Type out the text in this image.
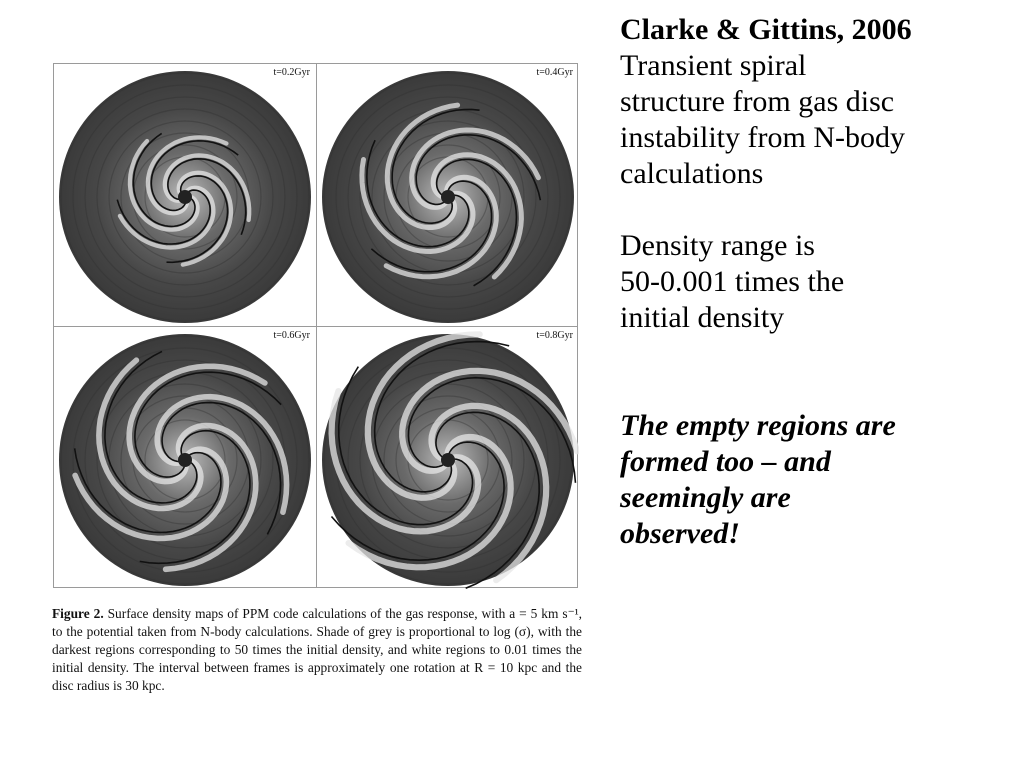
t=0.2Gyr	t=0.4Gyr
t=0.6Gyr	t=0.8Gyr
Figure 2. Surface density maps of PPM code calculations of the gas response, with a = 5 km s⁻¹, to the potential taken from N-body calculations. Shade of grey is proportional to log (σ), with the darkest regions corresponding to 50 times the initial density, and white regions to 0.01 times the initial density. The interval between frames is approximately one rotation at R = 10 kpc and the disc radius is 30 kpc.
Clarke & Gittins, 2006

Transient spiral
structure from gas disc
instability from N-body
calculations

Density range is
50-0.001 times the
initial density

The empty regions are
formed too – and
seemingly are
observed!
